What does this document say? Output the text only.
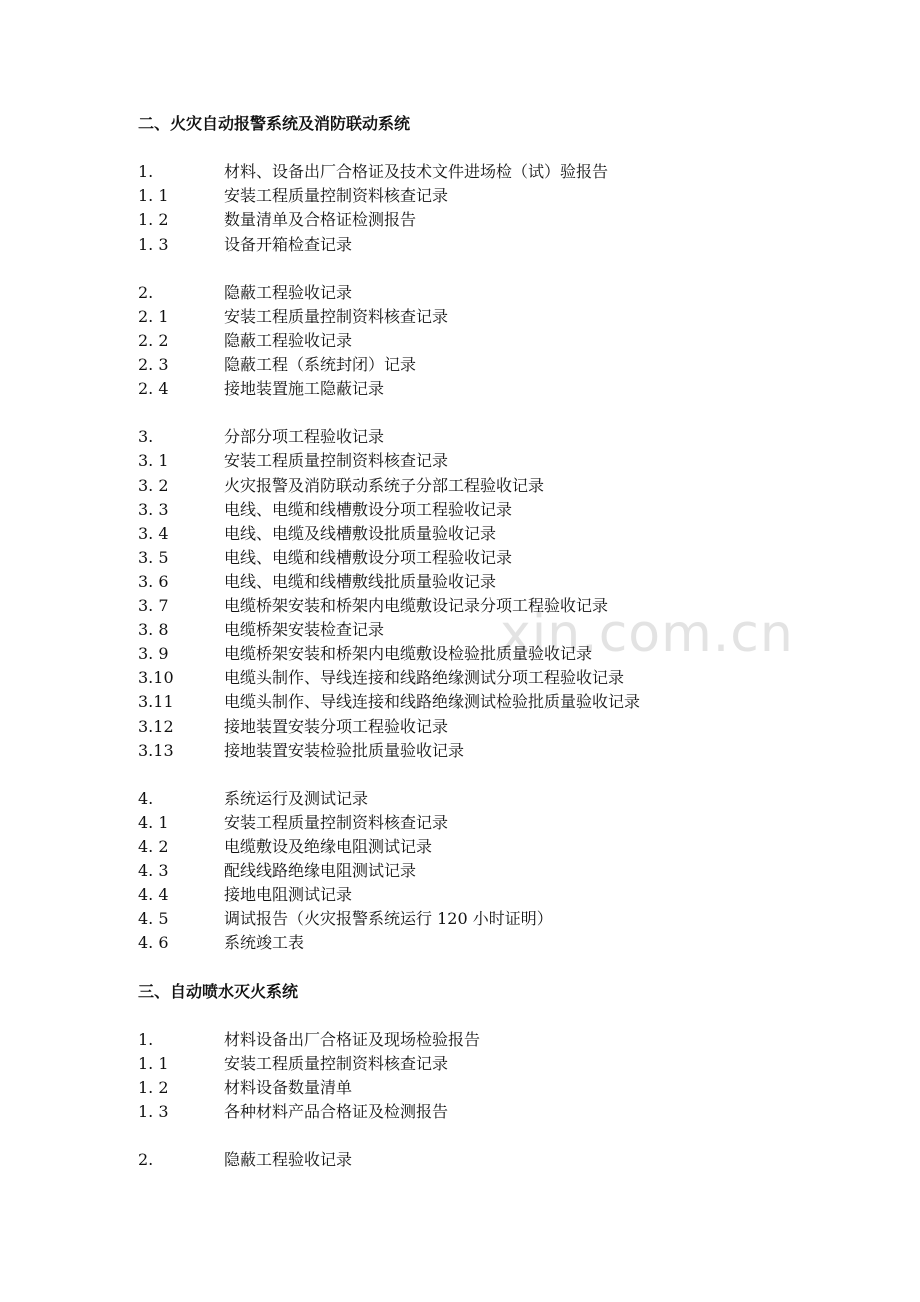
xin.com.cn
二、火灾自动报警系统及消防联动系统
1.	材料、设备出厂合格证及技术文件进场检（试）验报告
1. 1	安装工程质量控制资料核查记录
1. 2	数量清单及合格证检测报告
1. 3	设备开箱检查记录
2.	隐蔽工程验收记录
2. 1	安装工程质量控制资料核查记录
2. 2	隐蔽工程验收记录
2. 3	隐蔽工程（系统封闭）记录
2. 4	接地装置施工隐蔽记录
3.	分部分项工程验收记录
3. 1	安装工程质量控制资料核查记录
3. 2	火灾报警及消防联动系统子分部工程验收记录
3. 3	电线、电缆和线槽敷设分项工程验收记录
3. 4	电线、电缆及线槽敷设批质量验收记录
3. 5	电线、电缆和线槽敷设分项工程验收记录
3. 6	电线、电缆和线槽敷线批质量验收记录
3. 7	电缆桥架安装和桥架内电缆敷设记录分项工程验收记录
3. 8	电缆桥架安装检查记录
3. 9	电缆桥架安装和桥架内电缆敷设检验批质量验收记录
3.10	电缆头制作、导线连接和线路绝缘测试分项工程验收记录
3.11	电缆头制作、导线连接和线路绝缘测试检验批质量验收记录
3.12	接地装置安装分项工程验收记录
3.13	接地装置安装检验批质量验收记录
4.	系统运行及测试记录
4. 1	安装工程质量控制资料核查记录
4. 2	电缆敷设及绝缘电阻测试记录
4. 3	配线线路绝缘电阻测试记录
4. 4	接地电阻测试记录
4. 5	调试报告（火灾报警系统运行 120 小时证明）
4. 6	系统竣工表
三、自动喷水灭火系统
1.	材料设备出厂合格证及现场检验报告
1. 1	安装工程质量控制资料核查记录
1. 2	材料设备数量清单
1. 3	各种材料产品合格证及检测报告
2.	隐蔽工程验收记录
